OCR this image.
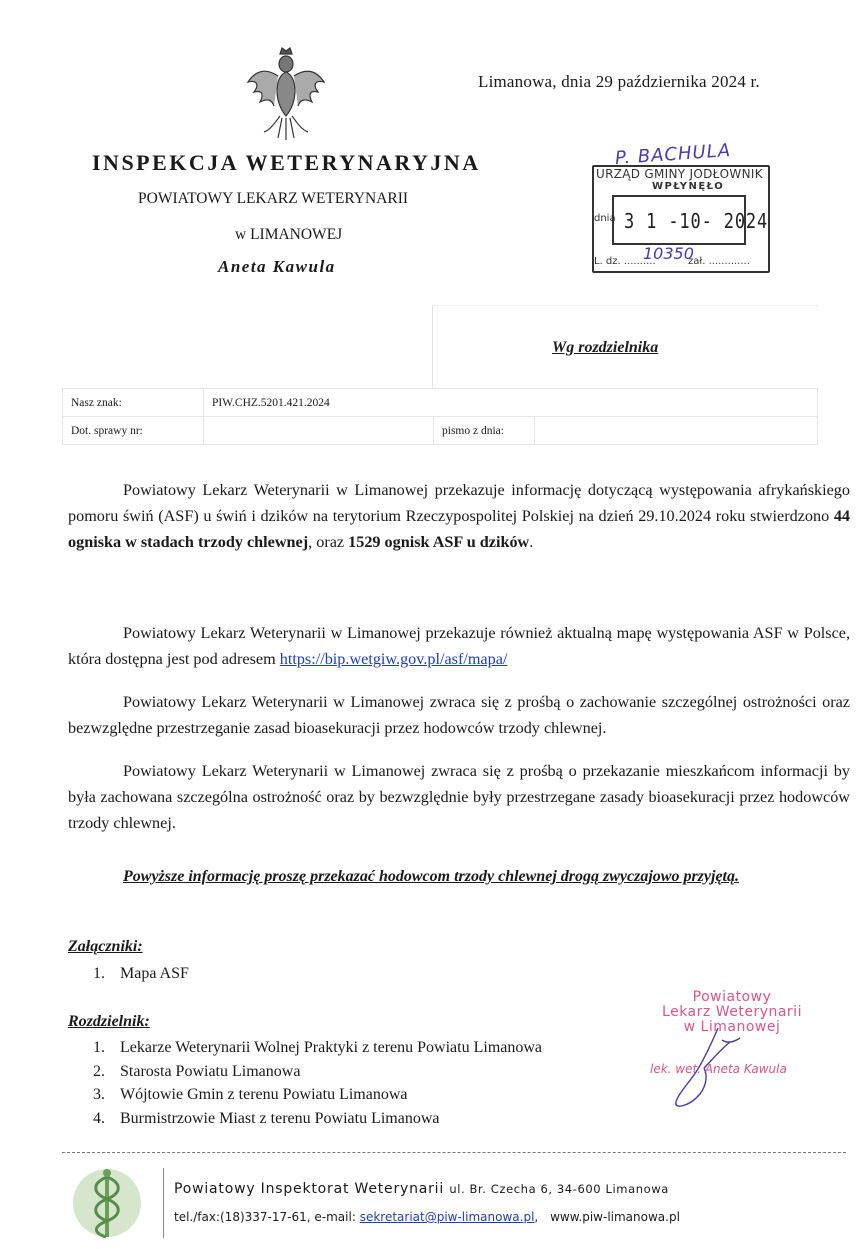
Limanowa, dnia 29 października 2024 r.
INSPEKCJA WETERYNARYJNA
POWIATOWY LEKARZ WETERYNARII
w LIMANOWEJ
Aneta Kawula
P. BACHULA
URZĄD GMINY JODŁOWNIK
WPŁYNĘŁO
dnia 3 1 -10- 2024
L. dz. ..........
10350
zał. .............
Wg rozdzielnika
Nasz znak:	PIW.CHZ.5201.421.2024		
Dot. sprawy nr:		pismo z dnia:	

Powiatowy Lekarz Weterynarii w Limanowej przekazuje informację dotyczącą występowania afrykańskiego pomoru świń (ASF) u świń i dzików na terytorium Rzeczypospolitej Polskiej na dzień 29.10.2024 roku stwierdzono 44 ogniska w stadach trzody chlewnej, oraz 1529 ognisk ASF u dzików.

Powiatowy Lekarz Weterynarii w Limanowej przekazuje również aktualną mapę występowania ASF w Polsce, która dostępna jest pod adresem https://bip.wetgiw.gov.pl/asf/mapa/

Powiatowy Lekarz Weterynarii w Limanowej zwraca się z prośbą o zachowanie szczególnej ostrożności oraz bezwzględne przestrzeganie zasad bioasekuracji przez hodowców trzody chlewnej.

Powiatowy Lekarz Weterynarii w Limanowej zwraca się z prośbą o przekazanie mieszkańcom informacji by była zachowana szczególna ostrożność oraz by bezwzględnie były przestrzegane zasady bioasekuracji przez hodowców trzody chlewnej.

Powyższe informację proszę przekazać hodowcom trzody chlewnej drogą zwyczajowo przyjętą.
Załączniki:
1. Mapa ASF
Rozdzielnik:
1. Lekarze Weterynarii Wolnej Praktyki z terenu Powiatu Limanowa
2. Starosta Powiatu Limanowa
3. Wójtowie Gmin z terenu Powiatu Limanowa
4. Burmistrzowie Miast z terenu Powiatu Limanowa
Powiatowy
Lekarz Weterynarii
w Limanowej
lek. wet. Aneta Kawula
Powiatowy Inspektorat Weterynarii ul. Br. Czecha 6, 34-600 Limanowa
tel./fax:(18)337-17-61, e-mail: sekretariat@piw-limanowa.pl, www.piw-limanowa.pl
